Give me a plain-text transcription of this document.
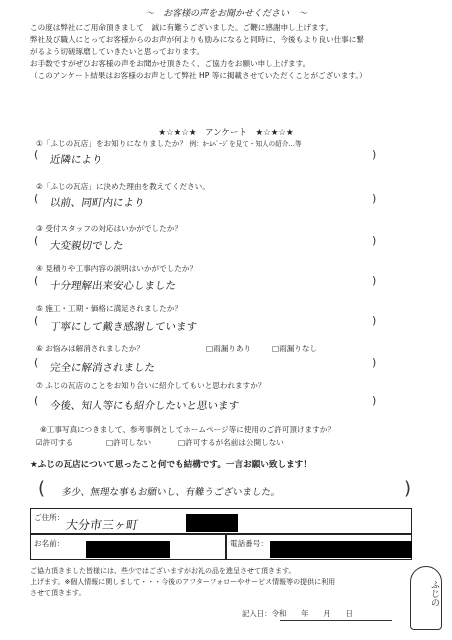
～　お客様の声をお聞かせください　～
この度は弊社にご用命頂きまして　誠に有難うございました。ご鞭に感謝申し上げます。
弊社及び職人にとってお客様からのお声が何よりも励みになると同時に、今後もより良い仕事に繋
がるよう切磋琢磨していきたいと思っております。
お手数ですがぜひお客様の声をお聞かせ頂きたく、ご協力をお願い申し上げます。
（このアンケート結果はお客様のお声として弊社 HP 等に掲載させていただくことがございます。）
★☆★☆★　アンケート　★☆★☆★
①「ふじの瓦店」をお知りになりましたか？ 例：ﾎｰﾑﾍﾟｰｼﾞを見て・知人の紹介…等
( 近隣により	)
②「ふじの瓦店」に決めた理由を教えてください。
( 以前、同町内により	)
③ 受付スタッフの対応はいかがでしたか？
( 大変親切でした	)
④ 見積りや工事内容の説明はいかがでしたか？
( 十分理解出来安心しました	)
⑤ 施工・工期・価格に満足されましたか？
( 丁寧にして戴き感謝しています	)
⑥ お悩みは解消されましたか？	□雨漏りあり	□雨漏りなし
( 完全に解消されました	)
⑦ ふじの瓦店のことをお知り合いに紹介してもいと思われますか？
( 今後、知人等にも紹介したいと思います	)
⑧工事写真につきまして、参考事例としてホームページ等に使用のご許可頂けますか？
☑許可する	□許可しない	□許可するが名前は公開しない
★ふじの瓦店について思ったこと何でも結構です。一言お願い致します！
( 多少、無理な事もお願いし、有難うございました。	)
ご住所：
大分市三ヶ町
お名前：	電話番号：
ご協力頂きました皆様には、些少ではございますがお礼の品を進呈させて頂きます。
上げます。※個人情報に関しまして・・・今後のアフターフォローやサービス情報等の提供に利用
させて頂きます。
記入日：令和　　年　　月　　日
ふじの
